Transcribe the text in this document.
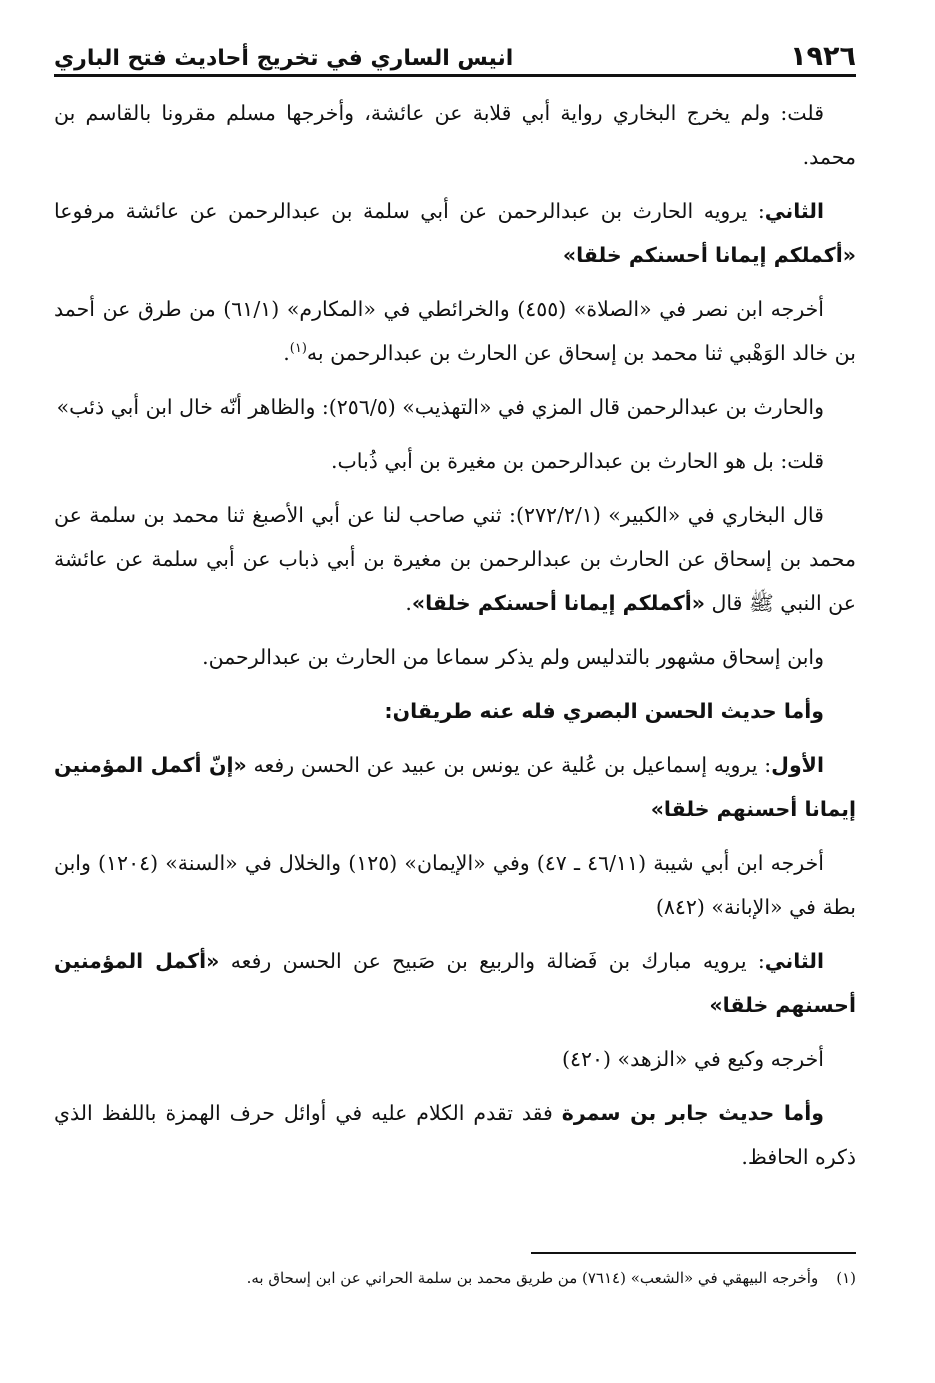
١٩٢٦
انيس الساري في تخريج أحاديث فتح الباري

قلت: ولم يخرج البخاري رواية أبي قلابة عن عائشة، وأخرجها مسلم مقرونا بالقاسم بن محمد.

الثاني: يرويه الحارث بن عبدالرحمن عن أبي سلمة بن عبدالرحمن عن عائشة مرفوعا «أكملكم إيمانا أحسنكم خلقا»

أخرجه ابن نصر في «الصلاة» (٤٥٥) والخرائطي في «المكارم» (٦١/١) من طرق عن أحمد بن خالد الوَهْبي ثنا محمد بن إسحاق عن الحارث بن عبدالرحمن به$^{(١)}$.

والحارث بن عبدالرحمن قال المزي في «التهذيب» (٢٥٦/٥): والظاهر أنّه خال ابن أبي ذئب»

قلت: بل هو الحارث بن عبدالرحمن بن مغيرة بن أبي ذُباب.

قال البخاري في «الكبير» (٢٧٢/٢/١): ثني صاحب لنا عن أبي الأصبغ ثنا محمد بن سلمة عن محمد بن إسحاق عن الحارث بن عبدالرحمن بن مغيرة بن أبي ذباب عن أبي سلمة عن عائشة عن النبي ﷺ قال «أكملكم إيمانا أحسنكم خلقا».

وابن إسحاق مشهور بالتدليس ولم يذكر سماعا من الحارث بن عبدالرحمن.

وأما حديث الحسن البصري فله عنه طريقان:

الأول: يرويه إسماعيل بن عُلية عن يونس بن عبيد عن الحسن رفعه «إنّ أكمل المؤمنين إيمانا أحسنهم خلقا»

أخرجه ابن أبي شيبة (٤٦/١١ ـ ٤٧) وفي «الإيمان» (١٢٥) والخلال في «السنة» (١٢٠٤) وابن بطة في «الإبانة» (٨٤٢)

الثاني: يرويه مبارك بن فَضالة والربيع بن صَبيح عن الحسن رفعه «أكمل المؤمنين أحسنهم خلقا»

أخرجه وكيع في «الزهد» (٤٢٠)

وأما حديث جابر بن سمرة فقد تقدم الكلام عليه في أوائل حرف الهمزة باللفظ الذي ذكره الحافظ.

(١)وأخرجه البيهقي في «الشعب» (٧٦١٤) من طريق محمد بن سلمة الحراني عن ابن إسحاق به.
